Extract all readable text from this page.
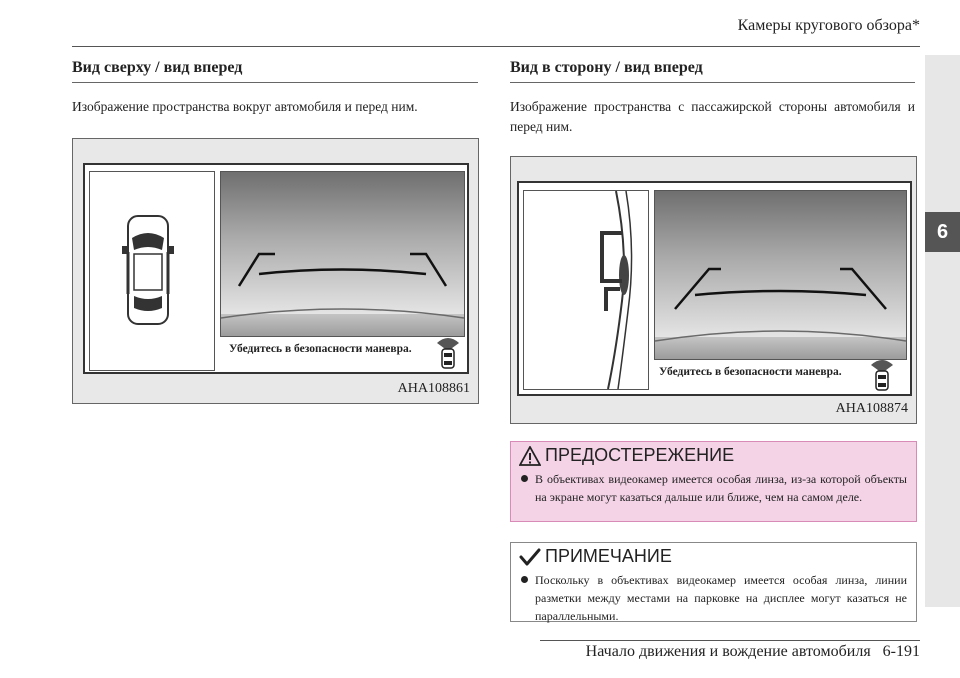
Камеры кругового обзора*
6
Вид сверху / вид вперед
Изображение пространства вокруг автомобиля и перед ним.
Убедитесь в безопасности маневра.
AHA108861
Вид в сторону / вид вперед
Изображение пространства с пассажирской стороны автомобиля и перед ним.
Убедитесь в безопасности маневра.
AHA108874
ПРЕДОСТЕРЕЖЕНИЕ
В объективах видеокамер имеется особая линза, из-за которой объекты на экране могут казаться дальше или ближе, чем на самом деле.
ПРИМЕЧАНИЕ
Поскольку в объективах видеокамер имеется особая линза, линии разметки между местами на парковке на дисплее могут казаться не параллельными.
Начало движения и вождение автомобиля 6-191
